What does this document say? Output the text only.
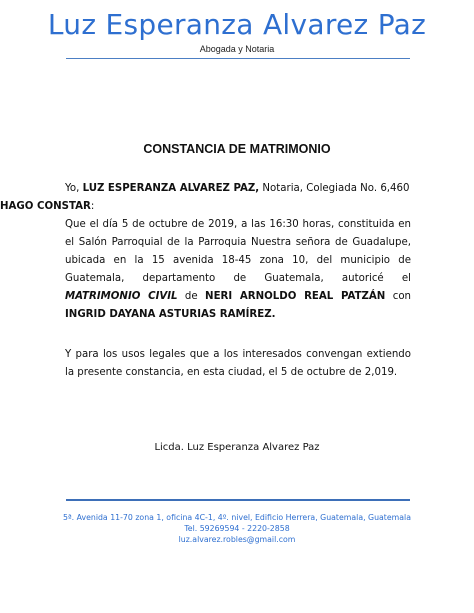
Luz Esperanza Alvarez Paz
Abogada y Notaria
CONSTANCIA DE MATRIMONIO
Yo, LUZ ESPERANZA ALVAREZ PAZ, Notaria, Colegiada No. 6,460
HAGO CONSTAR:
Que el día 5 de octubre de 2019, a las 16:30 horas, constituida en el Salón Parroquial de la Parroquia Nuestra señora de Guadalupe, ubicada en la 15 avenida 18-45 zona 10, del municipio de Guatemala, departamento de Guatemala, autoricé el MATRIMONIO CIVIL de NERI ARNOLDO REAL PATZÁN con INGRID DAYANA ASTURIAS RAMÍREZ.
Y para los usos legales que a los interesados convengan extiendo la presente constancia, en esta ciudad, el 5 de octubre de 2,019.
Licda. Luz Esperanza Alvarez Paz
5ª. Avenida 11-70 zona 1, oficina 4C-1, 4º. nivel, Edificio Herrera, Guatemala, Guatemala
Tel. 59269594 - 2220-2858
luz.alvarez.robles@gmail.com
